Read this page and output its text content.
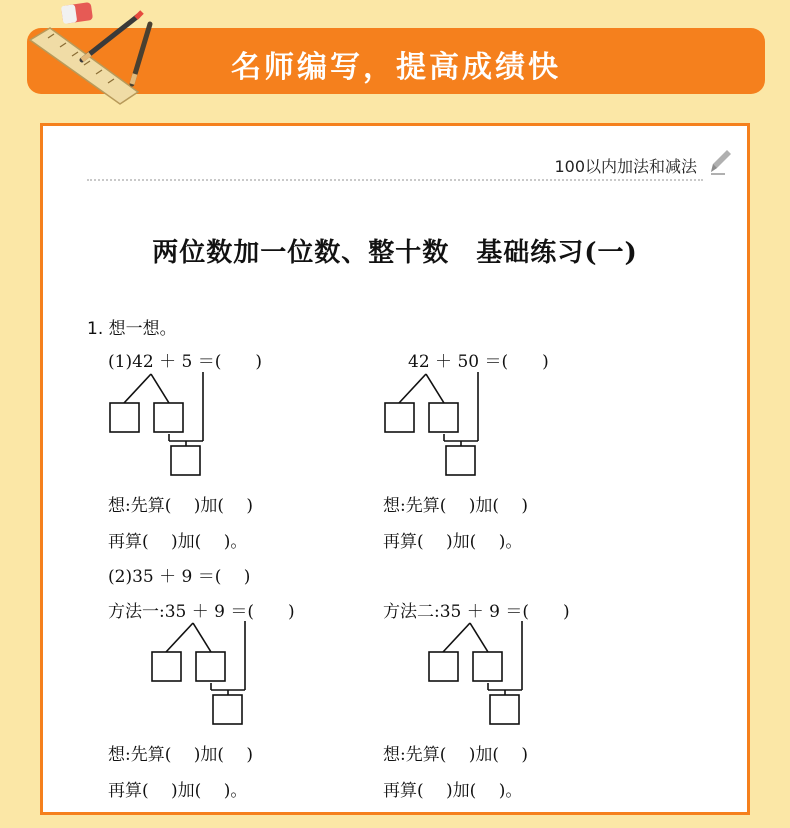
名师编写，提高成绩快
100以内加法和减法
两位数加一位数、整十数　基础练习(一)
1. 想一想。
(1)42 ＋ 5 ＝(　　)	42 ＋ 50 ＝(　　)
想:先算(　 )加(　 )	想:先算(　 )加(　 )
再算(　 )加(　 )。	再算(　 )加(　 )。
(2)35 ＋ 9 ＝(　 )
方法一:35 ＋ 9 ＝(　　)	方法二:35 ＋ 9 ＝(　　)
想:先算(　 )加(　 )	想:先算(　 )加(　 )
再算(　 )加(　 )。	再算(　 )加(　 )。
